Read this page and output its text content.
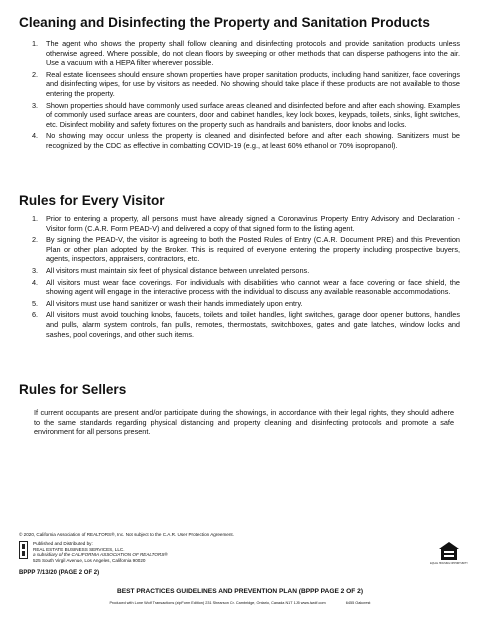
Cleaning and Disinfecting the Property and Sanitation Products
1. The agent who shows the property shall follow cleaning and disinfecting protocols and provide sanitation products unless otherwise agreed. Where possible, do not clean floors by sweeping or other methods that can disperse pathogens into the air. Use a vacuum with a HEPA filter wherever possible.
2. Real estate licensees should ensure shown properties have proper sanitation products, including hand sanitizer, face coverings and disinfecting wipes, for use by visitors as needed. No showing should take place if these products are not available to those entering the property.
3. Shown properties should have commonly used surface areas cleaned and disinfected before and after each showing. Examples of commonly used surface areas are counters, door and cabinet handles, key lock boxes, keypads, toilets, sinks, light switches, etc. Disinfect mobility and safety fixtures on the property such as handrails and banisters, door knobs and locks.
4. No showing may occur unless the property is cleaned and disinfected before and after each showing. Sanitizers must be recognized by the CDC as effective in combatting COVID-19 (e.g., at least 60% ethanol or 70% isopropanol).
Rules for Every Visitor
1. Prior to entering a property, all persons must have already signed a Coronavirus Property Entry Advisory and Declaration - Visitor form (C.A.R. Form PEAD-V) and delivered a copy of that signed form to the listing agent.
2. By signing the PEAD-V, the visitor is agreeing to both the Posted Rules of Entry (C.A.R. Document PRE) and this Prevention Plan or other plan adopted by the Broker. This is required of everyone entering the property including prospective buyers, agents, inspectors, appraisers, contractors, etc.
3. All visitors must maintain six feet of physical distance between unrelated persons.
4. All visitors must wear face coverings. For individuals with disabilities who cannot wear a face covering or face shield, the showing agent will engage in the interactive process with the individual to discuss any available reasonable accommodations.
5. All visitors must use hand sanitizer or wash their hands immediately upon entry.
6. All visitors must avoid touching knobs, faucets, toilets and toilet handles, light switches, garage door opener buttons, handles and pulls, alarm system controls, fan pulls, remotes, thermostats, switchboxes, gates and gate latches, window locks and sashes, pool coverings, and other such items.
Rules for Sellers

If current occupants are present and/or participate during the showings, in accordance with their legal rights, they should adhere to the same standards regarding physical distancing and property cleaning and disinfecting protocols and promote a safe environment for all persons present.

© 2020, California Association of REALTORS®, Inc. Not subject to the C.A.R. User Protection Agreement.
Published and Distributed by:
REAL ESTATE BUSINESS SERVICES, LLC.
a subsidiary of the CALIFORNIA ASSOCIATION OF REALTORS®
525 South Virgil Avenue, Los Angeles, California 90020
EQUAL HOUSING OPPORTUNITY
BPPP 7/13/20 (PAGE 2 OF 2)
BEST PRACTICES GUIDELINES AND PREVENTION PLAN (BPPP PAGE 2 OF 2)
Produced with Lone Wolf Transactions (zipForm Edition) 231 Shearson Cr. Cambridge, Ontario, Canada N1T 1J5 www.lwolf.com	6455 Oakcrest
